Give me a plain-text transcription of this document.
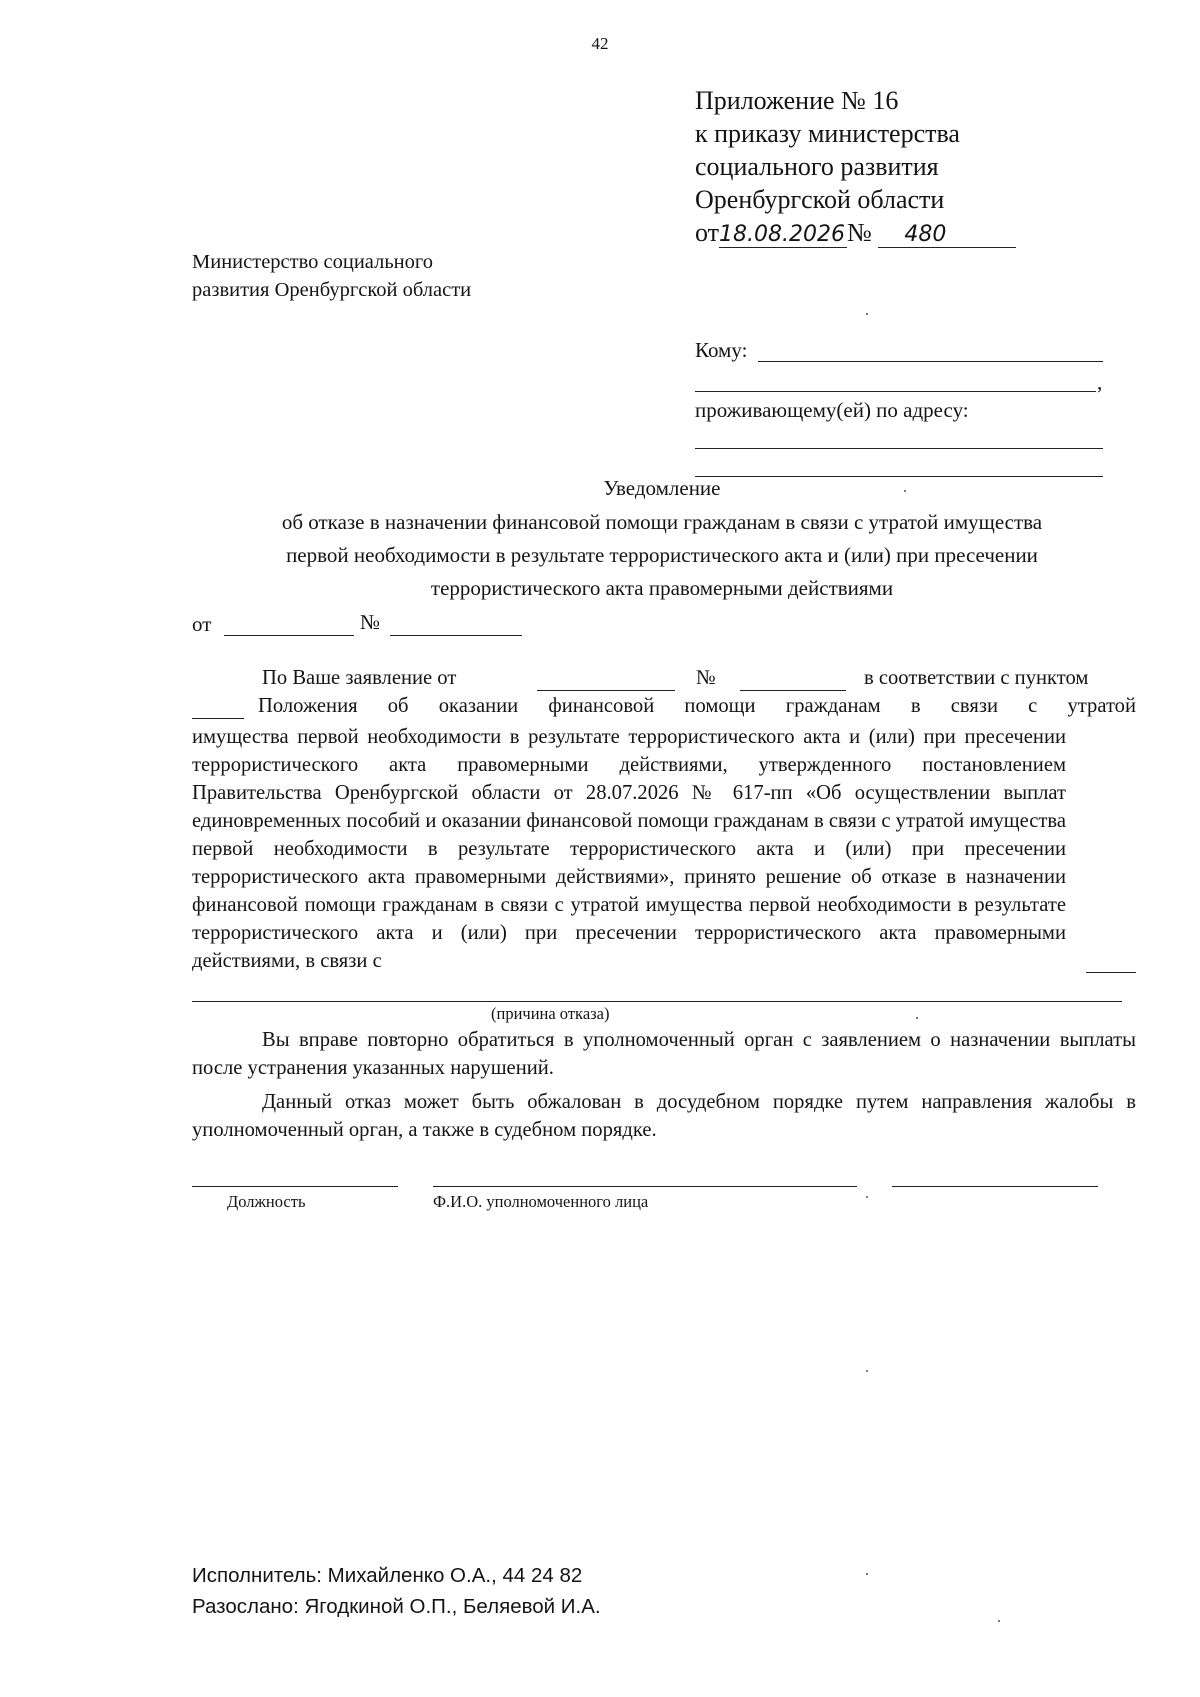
42
Приложение № 16
к приказу министерства
социального развития
Оренбургской области
от18.08.2026№ 480
Министерство социального
развития Оренбургской области
Кому:
,
проживающему(ей) по адресу:
Уведомление
об отказе в назначении финансовой помощи гражданам в связи с утратой имущества
первой необходимости в результате террористического акта и (или) при пресечении
террористического акта правомерными действиями
от	№
По Ваше заявление от	№	в соответствии с пунктом
Положения об оказании финансовой помощи гражданам в связи с утратой

имущества первой необходимости в результате террористического акта и (или) при пресечении террористического акта правомерными действиями, утвержденного постановлением Правительства Оренбургской области от 28.07.2026 № 617-пп «Об осуществлении выплат единовременных пособий и оказании финансовой помощи гражданам в связи с утратой имущества первой необходимости в результате террористического акта и (или) при пресечении террористического акта правомерными действиями», принято решение об отказе в назначении финансовой помощи гражданам в связи с утратой имущества первой необходимости в результате террористического акта и (или) при пресечении террористического акта правомерными действиями, в связи с

(причина отказа)

Вы вправе повторно обратиться в уполномоченный орган с заявлением о назначении выплаты после устранения указанных нарушений.

Данный отказ может быть обжалован в досудебном порядке путем направления жалобы в уполномоченный орган, а также в судебном порядке.

Должность	Ф.И.О. уполномоченного лица
Исполнитель: Михайленко О.А., 44 24 82
Разослано: Ягодкиной О.П., Беляевой И.А.
